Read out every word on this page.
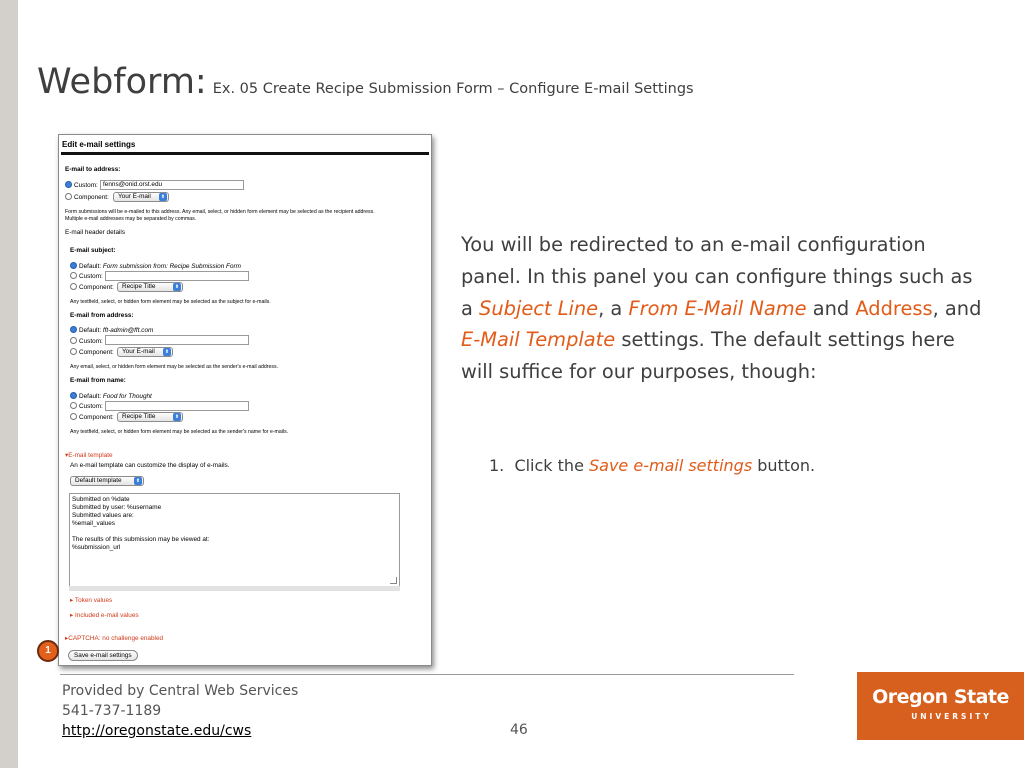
Webform: Ex. 05 Create Recipe Submission Form – Configure E-mail Settings
Edit e-mail settings
E-mail to address:
Custom: fenns@onid.orst.edu
Component:	Your E-mail	⬍
Form submissions will be e-mailed to this address. Any email, select, or hidden form element may be selected as the recipient address.
Multiple e-mail addresses may be separated by commas.
E-mail header details
E-mail subject:
Default: Form submission from: Recipe Submission Form
Custom:
Component:	Recipe Title	⬍
Any textfield, select, or hidden form element may be selected as the subject for e-mails.
E-mail from address:
Default: fft-admin@fft.com
Custom:
Component:	Your E-mail	⬍
Any email, select, or hidden form element may be selected as the sender's e-mail address.
E-mail from name:
Default: Food for Thought
Custom:
Component:	Recipe Title	⬍
Any textfield, select, or hidden form element may be selected as the sender's name for e-mails.
▾E-mail template
An e-mail template can customize the display of e-mails.
Default template	⬍
Submitted on %date
Submitted by user: %username
Submitted values are:
%email_values
The results of this submission may be viewed at:
%submission_url
▸ Token values
▸ Included e-mail values
▸CAPTCHA: no challenge enabled
Save e-mail settings
1
You will be redirected to an e-mail configuration panel. In this panel you can configure things such as a Subject Line, a From E-Mail Name and Address, and E-Mail Template settings. The default settings here will suffice for our purposes, though:
1. Click the Save e-mail settings button.
Provided by Central Web Services
541-737-1189
http://oregonstate.edu/cws	46
Oregon State
UNIVERSITY
